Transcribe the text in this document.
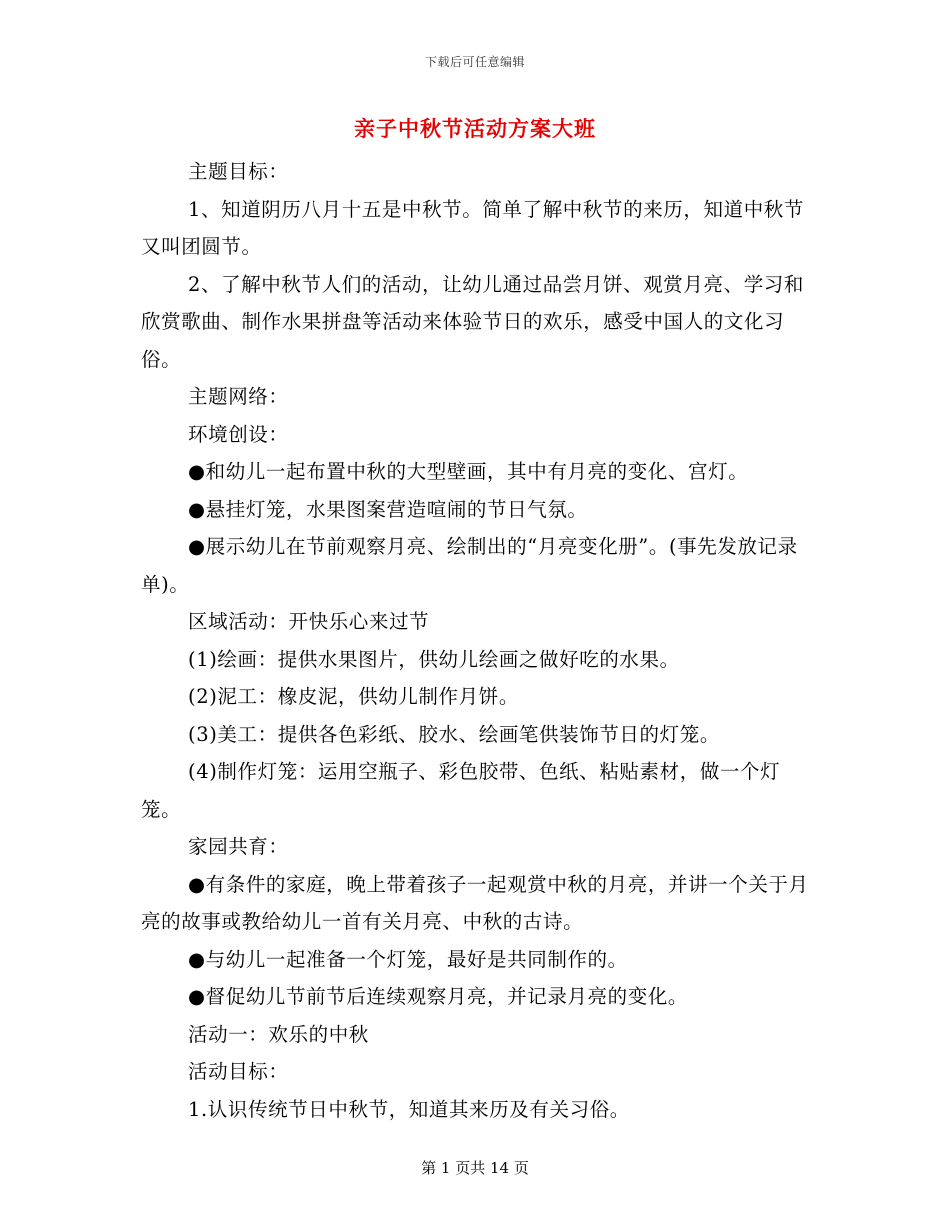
下载后可任意编辑
亲子中秋节活动方案大班

主题目标：

1、知道阴历八月十五是中秋节。简单了解中秋节的来历，知道中秋节又叫团圆节。

2、了解中秋节人们的活动，让幼儿通过品尝月饼、观赏月亮、学习和欣赏歌曲、制作水果拼盘等活动来体验节日的欢乐，感受中国人的文化习俗。

主题网络：

环境创设：

●和幼儿一起布置中秋的大型壁画，其中有月亮的变化、宫灯。

●悬挂灯笼，水果图案营造喧闹的节日气氛。

●展示幼儿在节前观察月亮、绘制出的“月亮变化册”。(事先发放记录单)。

区域活动：开快乐心来过节

(1)绘画：提供水果图片，供幼儿绘画之做好吃的水果。

(2)泥工：橡皮泥，供幼儿制作月饼。

(3)美工：提供各色彩纸、胶水、绘画笔供装饰节日的灯笼。

(4)制作灯笼：运用空瓶子、彩色胶带、色纸、粘贴素材，做一个灯笼。

家园共育：

●有条件的家庭，晚上带着孩子一起观赏中秋的月亮，并讲一个关于月亮的故事或教给幼儿一首有关月亮、中秋的古诗。

●与幼儿一起准备一个灯笼，最好是共同制作的。

●督促幼儿节前节后连续观察月亮，并记录月亮的变化。

活动一：欢乐的中秋

活动目标：

1.认识传统节日中秋节，知道其来历及有关习俗。

第 1 页共 14 页
